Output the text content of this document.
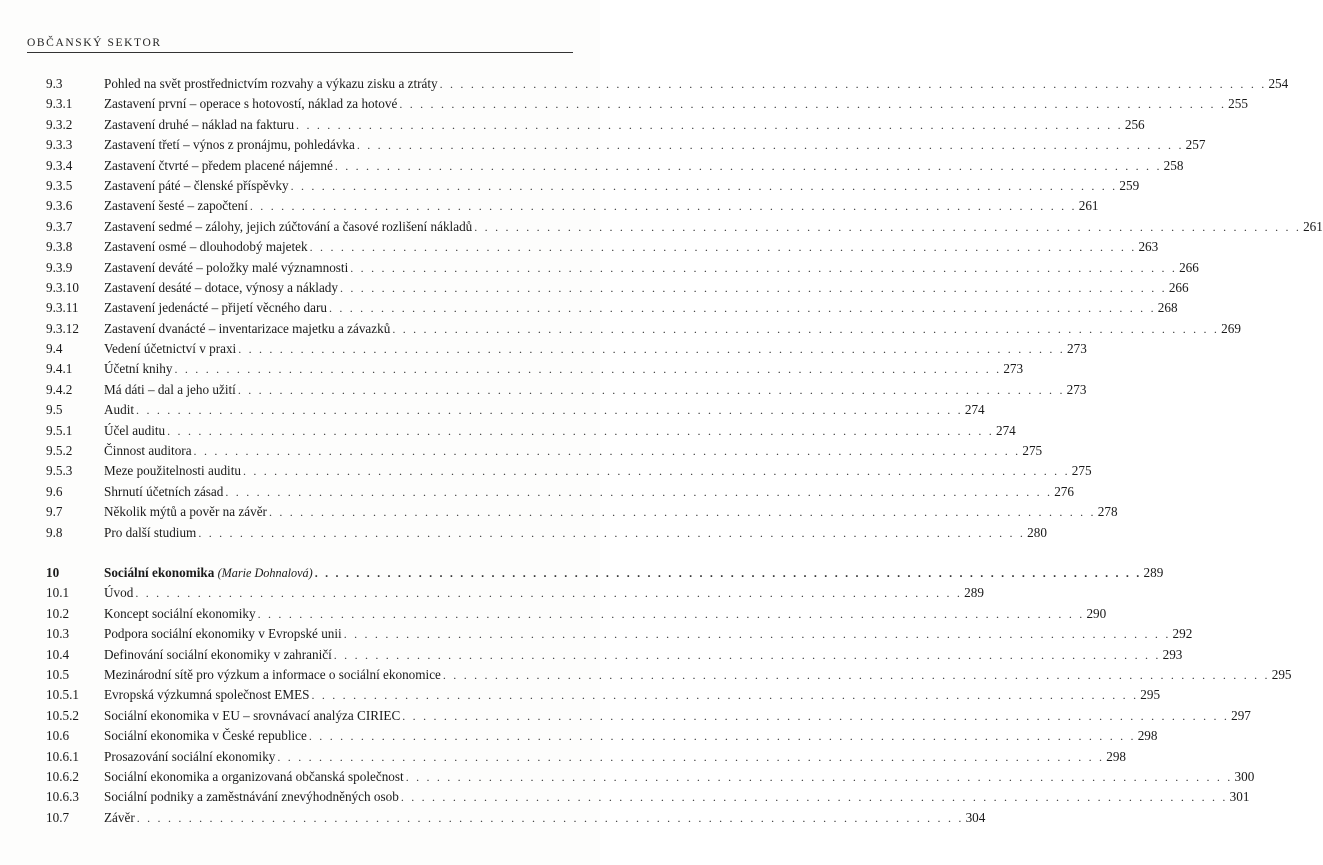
OBČANSKÝ SEKTOR
9.3	Pohled na svět prostřednictvím rozvahy a výkazu zisku a ztráty . . .	254
9.3.1	Zastavení první – operace s hotovostí, náklad za hotové . . .	255
9.3.2	Zastavení druhé – náklad na fakturu . . .	256
9.3.3	Zastavení třetí – výnos z pronájmu, pohledávka . . .	257
9.3.4	Zastavení čtvrté – předem placené nájemné . . .	258
9.3.5	Zastavení páté – členské příspěvky . . .	259
9.3.6	Zastavení šesté – započtení . . .	261
9.3.7	Zastavení sedmé – zálohy, jejich zúčtování a časové rozlišení nákladů . . .	261
9.3.8	Zastavení osmé – dlouhodobý majetek . . .	263
9.3.9	Zastavení deváté – položky malé významnosti . . .	266
9.3.10	Zastavení desáté – dotace, výnosy a náklady . . .	266
9.3.11	Zastavení jedenácté – přijetí věcného daru . . .	268
9.3.12	Zastavení dvanácté – inventarizace majetku a závazků . . .	269
9.4	Vedení účetnictví v praxi . . .	273
9.4.1	Účetní knihy . . .	273
9.4.2	Má dáti – dal a jeho užití . . .	273
9.5	Audit . . .	274
9.5.1	Účel auditu . . .	274
9.5.2	Činnost auditora . . .	275
9.5.3	Meze použitelnosti auditu . . .	275
9.6	Shrnutí účetních zásad . . .	276
9.7	Několik mýtů a pověr na závěr . . .	278
9.8	Pro další studium . . .	280
10	Sociální ekonomika (Marie Dohnalová) . . .	289
10.1	Úvod . . .	289
10.2	Koncept sociální ekonomiky . . .	290
10.3	Podpora sociální ekonomiky v Evropské unii . . .	292
10.4	Definování sociální ekonomiky v zahraničí . . .	293
10.5	Mezinárodní sítě pro výzkum a informace o sociální ekonomice . . .	295
10.5.1	Evropská výzkumná společnost EMES . . .	295
10.5.2	Sociální ekonomika v EU – srovnávací analýza CIRIEC . . .	297
10.6	Sociální ekonomika v České republice . . .	298
10.6.1	Prosazování sociální ekonomiky . . .	298
10.6.2	Sociální ekonomika a organizovaná občanská společnost . . .	300
10.6.3	Sociální podniky a zaměstnávání znevýhodněných osob . . .	301
10.7	Závěr . . .	304
